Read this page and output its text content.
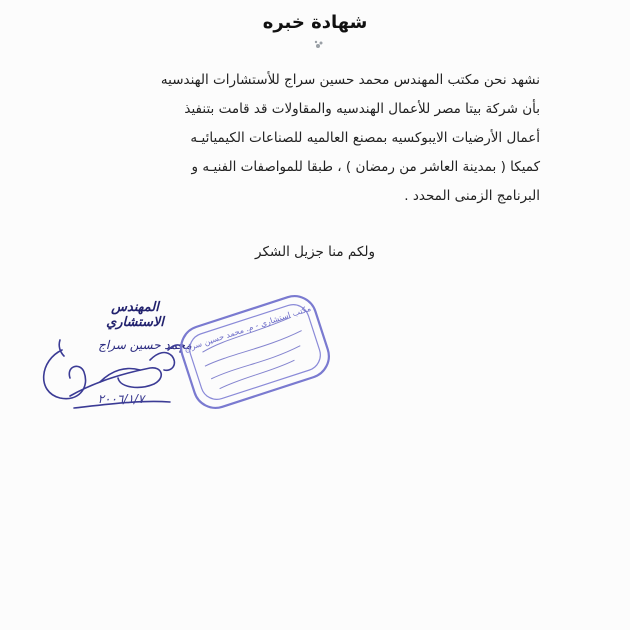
شهادة خبره

نشهد نحن مكتب المهندس محمد حسين سراج للأستشارات الهندسيه

بأن شركة بيتا مصر للأعمال الهندسيه والمقاولات قد قامت بتنفيذ

أعمال الأرضيات الايبوكسيه بمصنع العالميه للصناعات الكيميائيـه

كميكا ( بمدينة العاشر من رمضان ) ، طبقا للمواصفات الفنيـه و

البرنامج الزمنى المحدد .

ولكم منا جزيل الشكر
المهندس الاستشاري
محمد حسين سراج
٢٠٠٦/١/٧
مكتب استشاري - م. محمد حسين سراج
